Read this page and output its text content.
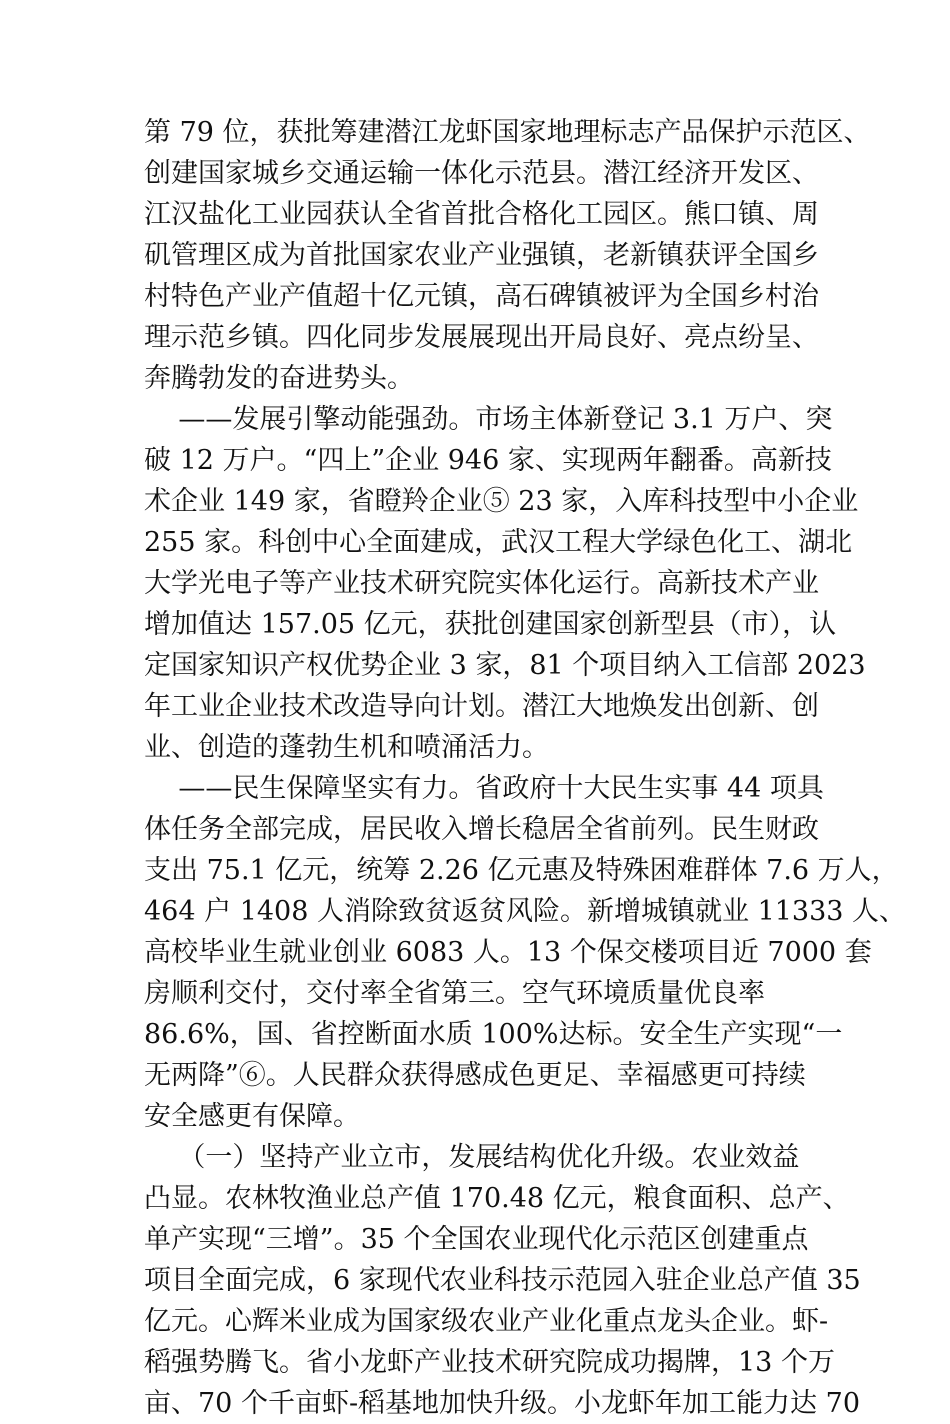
第 79 位，获批筹建潜江龙虾国家地理标志产品保护示范区、
创建国家城乡交通运输一体化示范县。潜江经济开发区、
江汉盐化工业园获认全省首批合格化工园区。熊口镇、周
矶管理区成为首批国家农业产业强镇，老新镇获评全国乡
村特色产业产值超十亿元镇，高石碑镇被评为全国乡村治
理示范乡镇。四化同步发展展现出开局良好、亮点纷呈、
奔腾勃发的奋进势头。
——发展引擎动能强劲。市场主体新登记 3.1 万户、突
破 12 万户。“四上”企业 946 家、实现两年翻番。高新技
术企业 149 家，省瞪羚企业⑤ 23 家，入库科技型中小企业
255 家。科创中心全面建成，武汉工程大学绿色化工、湖北
大学光电子等产业技术研究院实体化运行。高新技术产业
增加值达 157.05 亿元，获批创建国家创新型县（市），认
定国家知识产权优势企业 3 家，81 个项目纳入工信部 2023
年工业企业技术改造导向计划。潜江大地焕发出创新、创
业、创造的蓬勃生机和喷涌活力。
——民生保障坚实有力。省政府十大民生实事 44 项具
体任务全部完成，居民收入增长稳居全省前列。民生财政
支出 75.1 亿元，统筹 2.26 亿元惠及特殊困难群体 7.6 万人，
464 户 1408 人消除致贫返贫风险。新增城镇就业 11333 人、
高校毕业生就业创业 6083 人。13 个保交楼项目近 7000 套
房顺利交付，交付率全省第三。空气环境质量优良率
86.6%，国、省控断面水质 100%达标。安全生产实现“一
无两降”⑥。人民群众获得感成色更足、幸福感更可持续
安全感更有保障。
（一）坚持产业立市，发展结构优化升级。农业效益
凸显。农林牧渔业总产值 170.48 亿元，粮食面积、总产、
单产实现“三增”。35 个全国农业现代化示范区创建重点
项目全面完成，6 家现代农业科技示范园入驻企业总产值 35
亿元。心辉米业成为国家级农业产业化重点龙头企业。虾-
稻强势腾飞。省小龙虾产业技术研究院成功揭牌，13 个万
亩、70 个千亩虾-稻基地加快升级。小龙虾年加工能力达 70
